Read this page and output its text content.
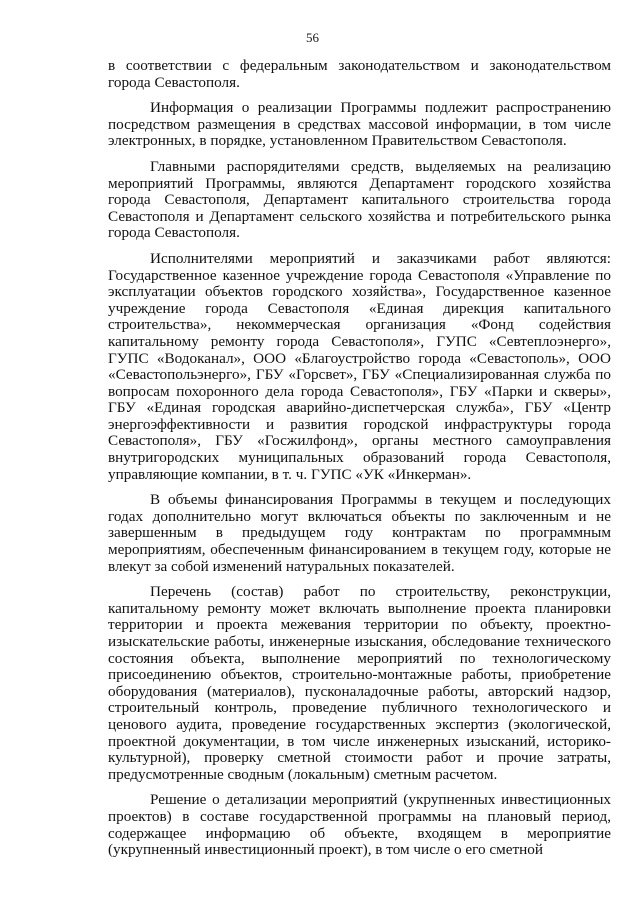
56

в соответствии с федеральным законодательством и законодательством города Севастополя.

Информация о реализации Программы подлежит распространению посредством размещения в средствах массовой информации, в том числе электронных, в порядке, установленном Правительством Севастополя.

Главными распорядителями средств, выделяемых на реализацию мероприятий Программы, являются Департамент городского хозяйства города Севастополя, Департамент капитального строительства города Севастополя и Департамент сельского хозяйства и потребительского рынка города Севастополя.

Исполнителями мероприятий и заказчиками работ являются: Государственное казенное учреждение города Севастополя «Управление по эксплуатации объектов городского хозяйства», Государственное казенное учреждение города Севастополя «Единая дирекция капитального строительства», некоммерческая организация «Фонд содействия капитальному ремонту города Севастополя», ГУПС «Севтеплоэнерго», ГУПС «Водоканал», ООО «Благоустройство города «Севастополь», ООО «Севастопольэнерго», ГБУ «Горсвет», ГБУ «Специализированная служба по вопросам похоронного дела города Севастополя», ГБУ «Парки и скверы», ГБУ «Единая городская аварийно-диспетчерская служба», ГБУ «Центр энергоэффективности и развития городской инфраструктуры города Севастополя», ГБУ «Госжилфонд», органы местного самоуправления внутригородских муниципальных образований города Севастополя, управляющие компании, в т. ч. ГУПС «УК «Инкерман».

В объемы финансирования Программы в текущем и последующих годах дополнительно могут включаться объекты по заключенным и не завершенным в предыдущем году контрактам по программным мероприятиям, обеспеченным финансированием в текущем году, которые не влекут за собой изменений натуральных показателей.

Перечень (состав) работ по строительству, реконструкции, капитальному ремонту может включать выполнение проекта планировки территории и проекта межевания территории по объекту, проектно-изыскательские работы, инженерные изыскания, обследование технического состояния объекта, выполнение мероприятий по технологическому присоединению объектов, строительно-монтажные работы, приобретение оборудования (материалов), пусконаладочные работы, авторский надзор, строительный контроль, проведение публичного технологического и ценового аудита, проведение государственных экспертиз (экологической, проектной документации, в том числе инженерных изысканий, историко-культурной), проверку сметной стоимости работ и прочие затраты, предусмотренные сводным (локальным) сметным расчетом.

Решение о детализации мероприятий (укрупненных инвестиционных проектов) в составе государственной программы на плановый период, содержащее информацию об объекте, входящем в мероприятие (укрупненный инвестиционный проект), в том числе о его сметной
